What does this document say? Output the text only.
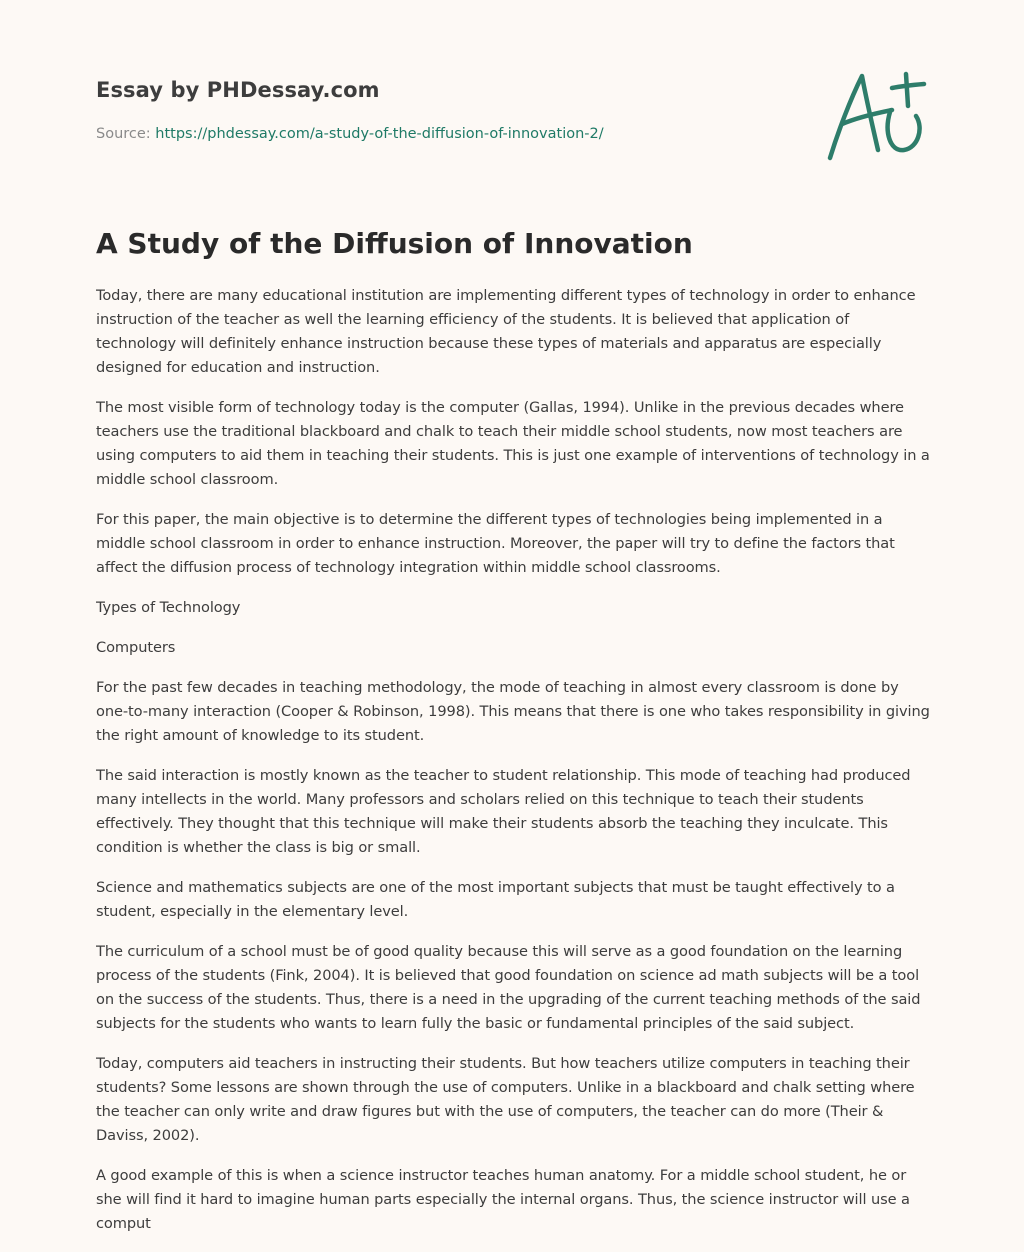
Essay by PHDessay.com
Source: https://phdessay.com/a-study-of-the-diffusion-of-innovation-2/
A Study of the Diffusion of Innovation

Today, there are many educational institution are implementing different types of technology in order to enhance instruction of the teacher as well the learning efficiency of the students. It is believed that application of technology will definitely enhance instruction because these types of materials and apparatus are especially designed for education and instruction.

The most visible form of technology today is the computer (Gallas, 1994). Unlike in the previous decades where teachers use the traditional blackboard and chalk to teach their middle school students, now most teachers are using computers to aid them in teaching their students. This is just one example of interventions of technology in a middle school classroom.

For this paper, the main objective is to determine the different types of technologies being implemented in a middle school classroom in order to enhance instruction. Moreover, the paper will try to define the factors that affect the diffusion process of technology integration within middle school classrooms.

Types of Technology

Computers

For the past few decades in teaching methodology, the mode of teaching in almost every classroom is done by one-to-many interaction (Cooper & Robinson, 1998). This means that there is one who takes responsibility in giving the right amount of knowledge to its student.

The said interaction is mostly known as the teacher to student relationship. This mode of teaching had produced many intellects in the world. Many professors and scholars relied on this technique to teach their students effectively. They thought that this technique will make their students absorb the teaching they inculcate. This condition is whether the class is big or small.

Science and mathematics subjects are one of the most important subjects that must be taught effectively to a student, especially in the elementary level.

The curriculum of a school must be of good quality because this will serve as a good foundation on the learning process of the students (Fink, 2004). It is believed that good foundation on science ad math subjects will be a tool on the success of the students. Thus, there is a need in the upgrading of the current teaching methods of the said subjects for the students who wants to learn fully the basic or fundamental principles of the said subject.

Today, computers aid teachers in instructing their students. But how teachers utilize computers in teaching their students? Some lessons are shown through the use of computers. Unlike in a blackboard and chalk setting where the teacher can only write and draw figures but with the use of computers, the teacher can do more (Their & Daviss, 2002).

A good example of this is when a science instructor teaches human anatomy. For a middle school student, he or she will find it hard to imagine human parts especially the internal organs. Thus, the science instructor will use a comput
